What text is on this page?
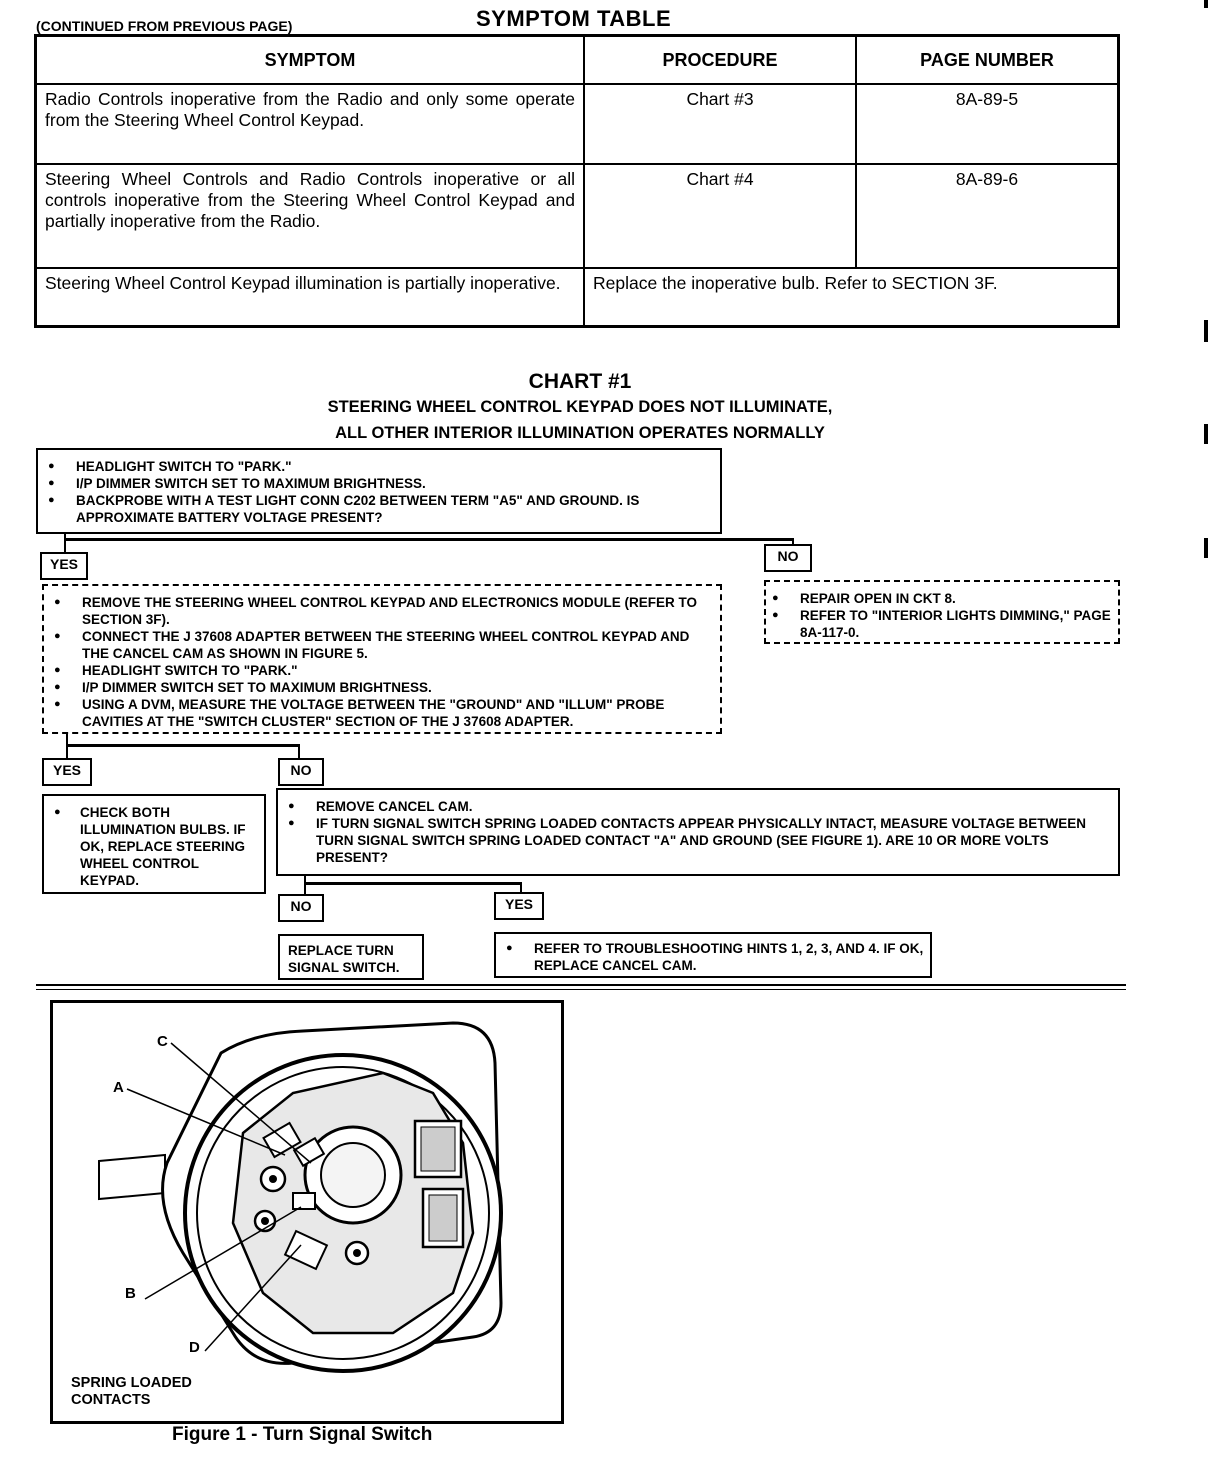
(CONTINUED FROM PREVIOUS PAGE)	SYMPTOM TABLE
SYMPTOM	PROCEDURE	PAGE NUMBER
Radio Controls inoperative from the Radio and only some operate from the Steering Wheel Control Keypad.	Chart #3	8A-89-5
Steering Wheel Controls and Radio Controls inoperative or all controls inoperative from the Steering Wheel Control Keypad and partially inoperative from the Radio.	Chart #4	8A-89-6
Steering Wheel Control Keypad illumination is partially inoperative.	Replace the inoperative bulb. Refer to SECTION 3F.	
CHART #1
STEERING WHEEL CONTROL KEYPAD DOES NOT ILLUMINATE,
ALL OTHER INTERIOR ILLUMINATION OPERATES NORMALLY
● HEADLIGHT SWITCH TO "PARK."
● I/P DIMMER SWITCH SET TO MAXIMUM BRIGHTNESS.
● BACKPROBE WITH A TEST LIGHT CONN C202 BETWEEN TERM "A5" AND GROUND. IS APPROXIMATE BATTERY VOLTAGE PRESENT?
YES	NO
● REMOVE THE STEERING WHEEL CONTROL KEYPAD AND ELECTRONICS MODULE (REFER TO SECTION 3F).
● CONNECT THE J 37608 ADAPTER BETWEEN THE STEERING WHEEL CONTROL KEYPAD AND THE CANCEL CAM AS SHOWN IN FIGURE 5.
● HEADLIGHT SWITCH TO "PARK."
● I/P DIMMER SWITCH SET TO MAXIMUM BRIGHTNESS.
● USING A DVM, MEASURE THE VOLTAGE BETWEEN THE "GROUND" AND "ILLUM" PROBE CAVITIES AT THE "SWITCH CLUSTER" SECTION OF THE J 37608 ADAPTER.
● REPAIR OPEN IN CKT 8.
● REFER TO "INTERIOR LIGHTS DIMMING," PAGE 8A-117-0.
YES	NO
● CHECK BOTH ILLUMINATION BULBS. IF OK, REPLACE STEERING WHEEL CONTROL KEYPAD.
● REMOVE CANCEL CAM.
● IF TURN SIGNAL SWITCH SPRING LOADED CONTACTS APPEAR PHYSICALLY INTACT, MEASURE VOLTAGE BETWEEN TURN SIGNAL SWITCH SPRING LOADED CONTACT "A" AND GROUND (SEE FIGURE 1). ARE 10 OR MORE VOLTS PRESENT?
NO	YES
REPLACE TURN SIGNAL SWITCH.
● REFER TO TROUBLESHOOTING HINTS 1, 2, 3, AND 4. IF OK, REPLACE CANCEL CAM.
C
A
B
D
SPRING LOADED CONTACTS
Figure 1 - Turn Signal Switch
